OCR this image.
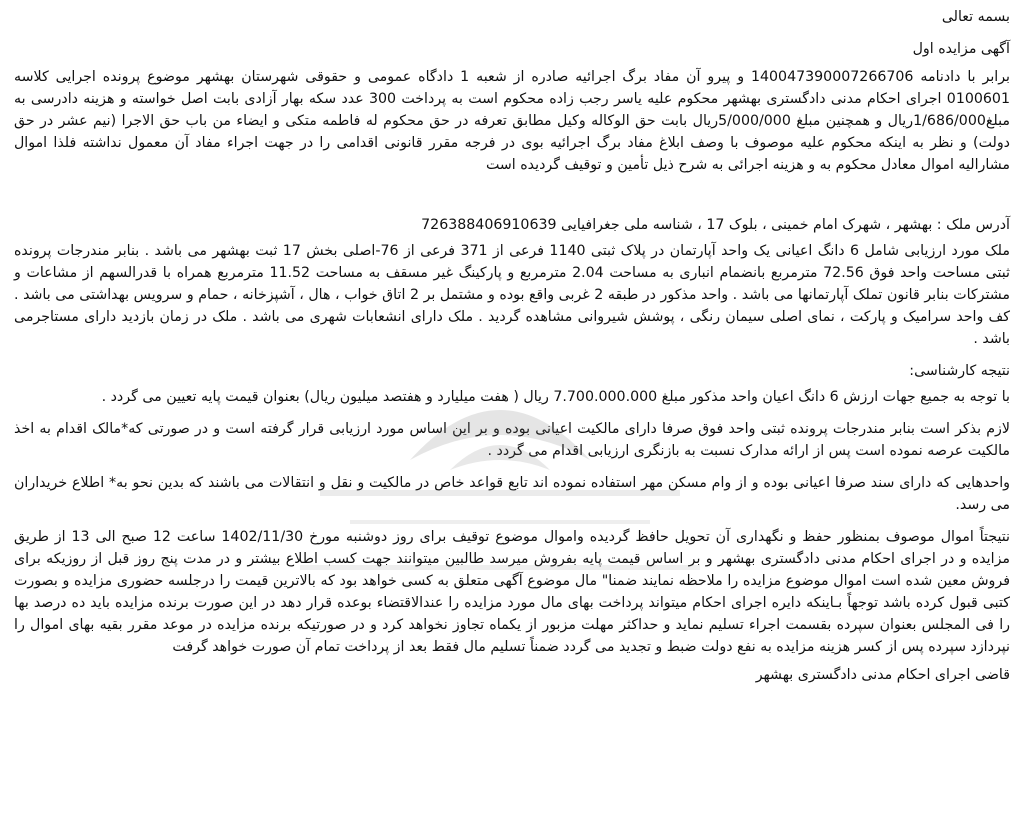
بسمه تعالی
آگهی مزایده اول

برابر با دادنامه 140047390007266706 و پیرو آن مفاد برگ اجرائیه صادره از شعبه 1 دادگاه عمومی و حقوقی شهرستان بهشهر موضوع پرونده اجرایی کلاسه 0100601 اجرای احکام مدنی دادگستری بهشهر محکوم علیه یاسر رجب زاده محکوم است به پرداخت 300 عدد سکه بهار آزادی بابت اصل خواسته و هزینه دادرسی به مبلغ1/686/000ریال و همچنین مبلغ 5/000/000ریال بابت حق الوکاله وکیل مطابق تعرفه در حق محکوم له فاطمه متکی و ایضاء من باب حق الاجرا (نیم عشر در حق دولت) و نظر به اینکه محکوم علیه موصوف با وصف ابلاغ مفاد برگ اجرائیه بوی در فرجه مقرر قانونی اقدامی را در جهت اجراء مفاد آن معمول نداشته فلذا اموال مشارالیه اموال معادل محکوم به و هزینه اجرائی به شرح ذیل تأمین و توقیف گردیده است

آدرس ملک : بهشهر ، شهرک امام خمینی ، بلوک 17 ، شناسه ملی جغرافیایی 726388406910639

ملک مورد ارزیابی شامل 6 دانگ اعیانی یک واحد آپارتمان در پلاک ثبتی 1140 فرعی از 371 فرعی از 76-اصلی بخش 17 ثبت بهشهر می باشد . بنابر مندرجات پرونده ثبتی مساحت واحد فوق 72.56 مترمربع بانضمام انباری به مساحت 2.04 مترمربع و پارکینگ غیر مسقف به مساحت 11.52 مترمربع همراه با قدرالسهم از مشاعات و مشترکات بنابر قانون تملک آپارتمانها می باشد . واحد مذکور در طبقه 2 غربی واقع بوده و مشتمل بر 2 اتاق خواب ، هال ، آشپزخانه ، حمام و سرویس بهداشتی می باشد . کف واحد سرامیک و پارکت ، نمای اصلی سیمان رنگی ، پوشش شیروانی مشاهده گردید . ملک دارای انشعابات شهری می باشد . ملک در زمان بازدید دارای مستاجرمی باشد .

نتیجه کارشناسی:

با توجه به جمیع جهات ارزش 6 دانگ اعیان واحد مذکور مبلغ 7.700.000.000 ریال ( هفت میلیارد و هفتصد میلیون ریال) بعنوان قیمت پایه تعیین می گردد .

لازم بذکر است بنابر مندرجات پرونده ثبتی واحد فوق صرفا دارای مالکیت اعیانی بوده و بر این اساس مورد ارزیابی قرار گرفته است و در صورتی که*مالک اقدام به اخذ مالکیت عرصه نموده است پس از ارائه مدارک نسبت به بازنگری ارزیابی اقدام می گردد .

واحدهایی که دارای سند صرفا اعیانی بوده و از وام مسکن مهر استفاده نموده اند تابع قواعد خاص در مالکیت و نقل و انتقالات می باشند که بدین نحو به* اطلاع خریداران می رسد.

نتیجتاً اموال موصوف بمنظور حفظ و نگهداری آن تحویل حافظ گردیده واموال موضوع توقیف برای روز دوشنبه مورخ 1402/11/30 ساعت 12 صبح الی 13 از طریق مزایده و در اجرای احکام مدنی دادگستری بهشهر و بر اساس قیمت پایه بفروش میرسد طالبین میتوانند جهت کسب اطلاع بیشتر و در مدت پنج روز قبل از روزیکه برای فروش معین شده است اموال موضوع مزایده را ملاحظه نمایند ضمنا" مال موضوع آگهی متعلق به کسی خواهد بود که بالاترین قیمت را درجلسه حضوری مزایده و بصورت کتبی قبول کرده باشد توجهاً بـاینکه دایره اجرای احکام میتواند پرداخت بهای مال مورد مزایده را عندالاقتضاء بوعده قرار دهد در این صورت برنده مزایده باید ده درصد بها را فی المجلس بعنوان سپرده بقسمت اجراء تسلیم نماید و حداکثر مهلت مزبور از یکماه تجاوز نخواهد کرد و در صورتیکه برنده مزایده در موعد مقرر بقیه بهای اموال را نپردازد سپرده پس از کسر هزینه مزایده به نفع دولت ضبط و تجدید می گردد ضمناً تسلیم مال فقط بعد از پرداخت تمام آن صورت خواهد گرفت

قاضی اجرای احکام مدنی دادگستری بهشهر
